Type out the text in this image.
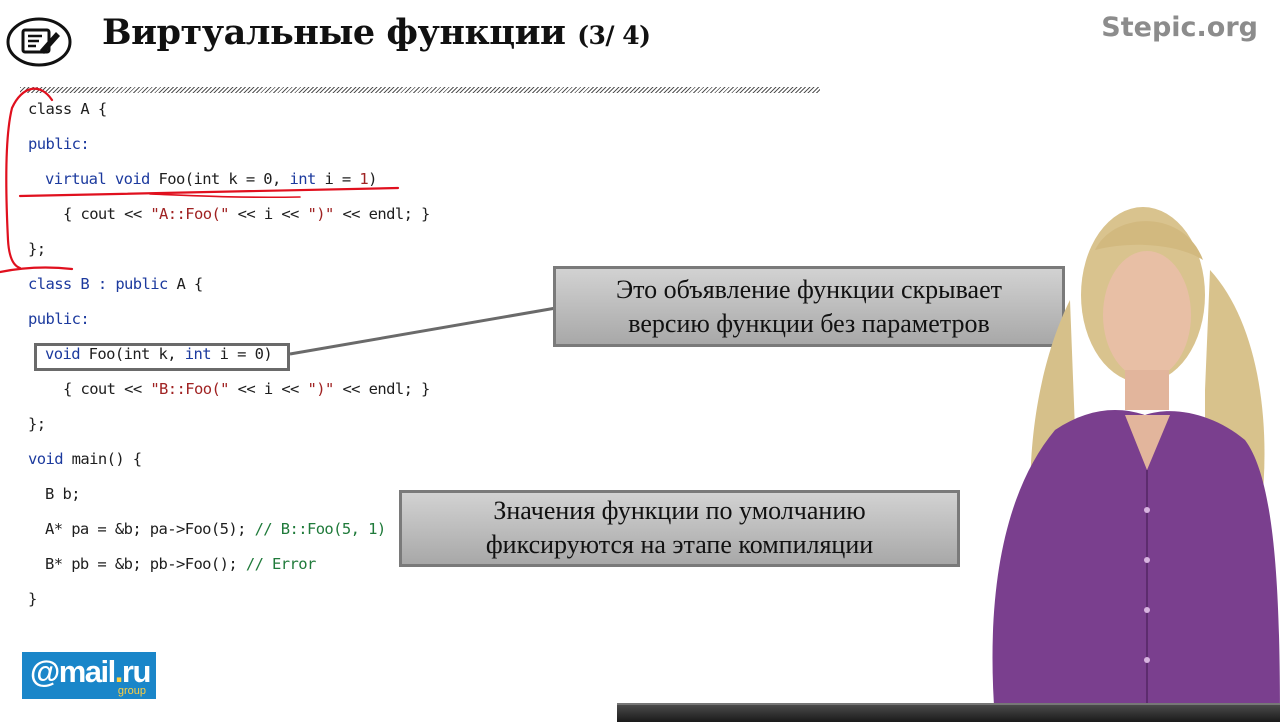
Виртуальные функции (3/ 4)	Stepic.org
class A {
public:
virtual void Foo(int k = 0, int i = 1)
{ cout << "A::Foo(" << i << ")" << endl; }
};
class B : public A {
public:
void Foo(int k, int i = 0)
{ cout << "B::Foo(" << i << ")" << endl; }
};
void main() {
B b;
A* pa = &b; pa->Foo(5); // B::Foo(5, 1)
B* pb = &b; pb->Foo(); // Error
}
Это объявление функции скрывает
версию функции без параметров
Значения функции по умолчанию
фиксируются на этапе компиляции
@mail.ru
group
